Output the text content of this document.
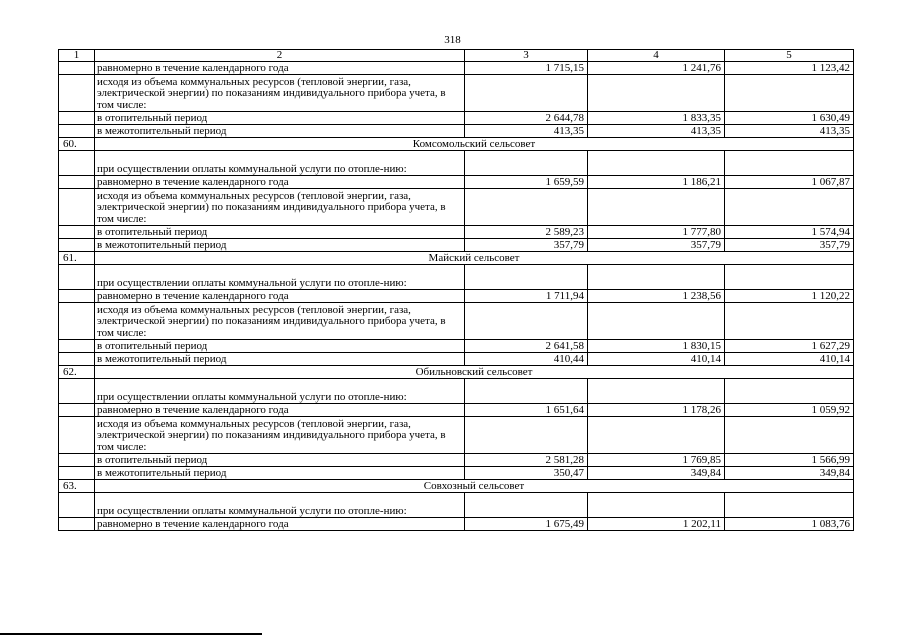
318
1	2	3	4	5
	равномерно в течение календарного года	1 715,15	1 241,76	1 123,42
	исходя из объема коммунальных ресурсов (тепловой энергии, газа, электрической энергии) по показаниям индивидуального прибора учета, в том числе:			
	в отопительный период	2 644,78	1 833,35	1 630,49
	в межотопительный период	413,35	413,35	413,35
60.	Комсомольский сельсовет			
	при осуществлении оплаты коммунальной услуги по отопле-нию:			
	равномерно в течение календарного года	1 659,59	1 186,21	1 067,87
	исходя из объема коммунальных ресурсов (тепловой энергии, газа, электрической энергии) по показаниям индивидуального прибора учета, в том числе:			
	в отопительный период	2 589,23	1 777,80	1 574,94
	в межотопительный период	357,79	357,79	357,79
61.	Майский сельсовет			
	при осуществлении оплаты коммунальной услуги по отопле-нию:			
	равномерно в течение календарного года	1 711,94	1 238,56	1 120,22
	исходя из объема коммунальных ресурсов (тепловой энергии, газа, электрической энергии) по показаниям индивидуального прибора учета, в том числе:			
	в отопительный период	2 641,58	1 830,15	1 627,29
	в межотопительный период	410,44	410,14	410,14
62.	Обильновский сельсовет			
	при осуществлении оплаты коммунальной услуги по отопле-нию:			
	равномерно в течение календарного года	1 651,64	1 178,26	1 059,92
	исходя из объема коммунальных ресурсов (тепловой энергии, газа, электрической энергии) по показаниям индивидуального прибора учета, в том числе:			
	в отопительный период	2 581,28	1 769,85	1 566,99
	в межотопительный период	350,47	349,84	349,84
63.	Совхозный сельсовет			
	при осуществлении оплаты коммунальной услуги по отопле-нию:			
	равномерно в течение календарного года	1 675,49	1 202,11	1 083,76
